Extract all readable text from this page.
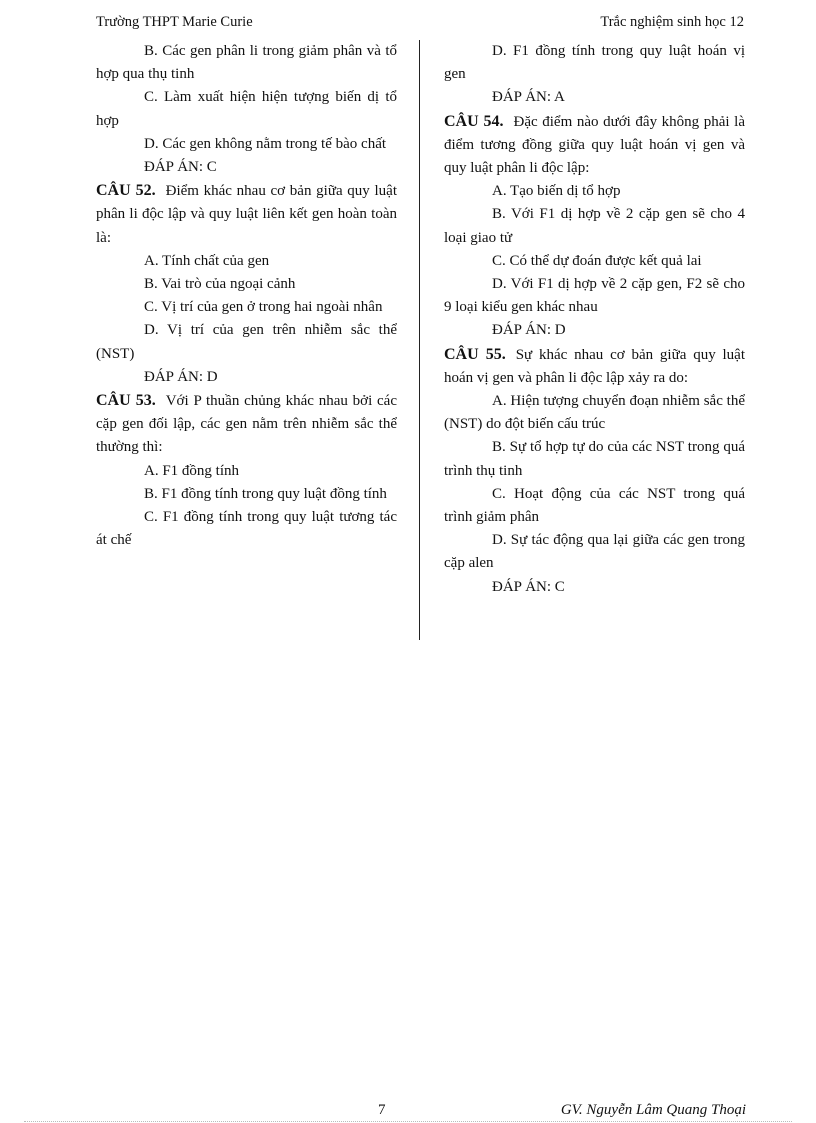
Trường THPT Marie Curie	Trắc nghiệm sinh học 12

B. Các gen phân li trong giảm phân và tổ hợp qua thụ tinh

C. Làm xuất hiện hiện tượng biến dị tổ hợp

D. Các gen không nằm trong tế bào chất

ĐÁP ÁN: C

CÂU 52. Điểm khác nhau cơ bản giữa quy luật phân li độc lập và quy luật liên kết gen hoàn toàn là:

A. Tính chất của gen

B. Vai trò của ngoại cảnh

C. Vị trí của gen ở trong hai ngoài nhân

D. Vị trí của gen trên nhiễm sắc thể (NST)

ĐÁP ÁN: D

CÂU 53. Với P thuần chủng khác nhau bởi các cặp gen đối lập, các gen nằm trên nhiễm sắc thể thường thì:

A. F1 đồng tính

B. F1 đồng tính trong quy luật đồng tính

C. F1 đồng tính trong quy luật tương tác át chế

D. F1 đồng tính trong quy luật hoán vị gen

ĐÁP ÁN: A

CÂU 54. Đặc điểm nào dưới đây không phải là điểm tương đồng giữa quy luật hoán vị gen và quy luật phân li độc lập:

A. Tạo biến dị tổ hợp

B. Với F1 dị hợp về 2 cặp gen sẽ cho 4 loại giao tử

C. Có thể dự đoán được kết quả lai

D. Với F1 dị hợp về 2 cặp gen, F2 sẽ cho 9 loại kiểu gen khác nhau

ĐÁP ÁN: D

CÂU 55. Sự khác nhau cơ bản giữa quy luật hoán vị gen và phân li độc lập xảy ra do:

A. Hiện tượng chuyển đoạn nhiễm sắc thể (NST) do đột biến cấu trúc

B. Sự tổ hợp tự do của các NST trong quá trình thụ tinh

C. Hoạt động của các NST trong quá trình giảm phân

D. Sự tác động qua lại giữa các gen trong cặp alen

ĐÁP ÁN: C

7	GV. Nguyễn Lâm Quang Thoại
